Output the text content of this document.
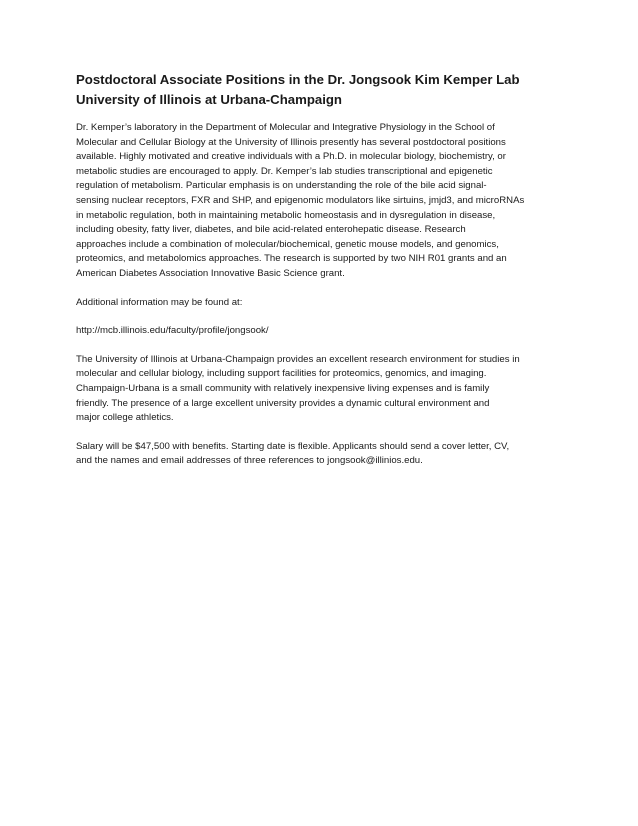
Postdoctoral Associate Positions in the Dr. Jongsook Kim Kemper Lab

University of Illinois at Urbana-Champaign

Dr. Kemper’s laboratory in the Department of Molecular and Integrative Physiology in the School of
Molecular and Cellular Biology at the University of Illinois presently has several postdoctoral positions
available. Highly motivated and creative individuals with a Ph.D. in molecular biology, biochemistry, or
metabolic studies are encouraged to apply. Dr. Kemper’s lab studies transcriptional and epigenetic
regulation of metabolism. Particular emphasis is on understanding the role of the bile acid signal-
sensing nuclear receptors, FXR and SHP, and epigenomic modulators like sirtuins, jmjd3, and microRNAs
in metabolic regulation, both in maintaining metabolic homeostasis and in dysregulation in disease,
including obesity, fatty liver, diabetes, and bile acid-related enterohepatic disease. Research
approaches include a combination of molecular/biochemical, genetic mouse models, and genomics,
proteomics, and metabolomics approaches. The research is supported by two NIH R01 grants and an
American Diabetes Association Innovative Basic Science grant.

Additional information may be found at:

http://mcb.illinois.edu/faculty/profile/jongsook/

The University of Illinois at Urbana-Champaign provides an excellent research environment for studies in
molecular and cellular biology, including support facilities for proteomics, genomics, and imaging.
Champaign-Urbana is a small community with relatively inexpensive living expenses and is family
friendly. The presence of a large excellent university provides a dynamic cultural environment and
major college athletics.

Salary will be $47,500 with benefits. Starting date is flexible. Applicants should send a cover letter, CV,
and the names and email addresses of three references to jongsook@illinios.edu.
